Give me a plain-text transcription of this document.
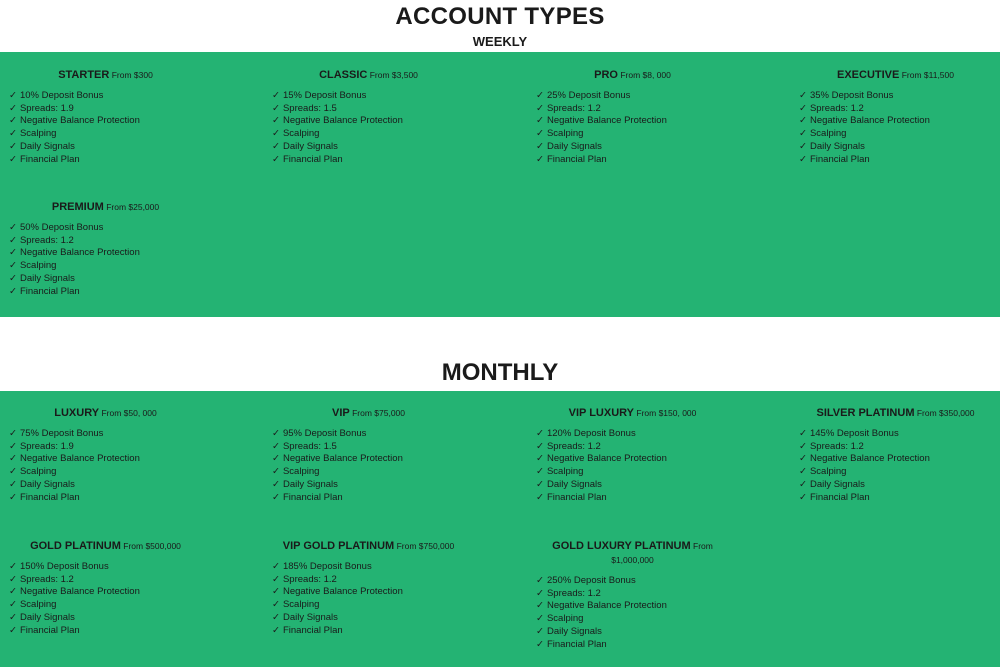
ACCOUNT TYPES
WEEKLY
STARTER From $300
✓ 10% Deposit Bonus
✓ Spreads: 1.9
✓ Negative Balance Protection
✓ Scalping
✓ Daily Signals
✓ Financial Plan
CLASSIC From $3,500
✓ 15% Deposit Bonus
✓ Spreads: 1.5
✓ Negative Balance Protection
✓ Scalping
✓ Daily Signals
✓ Financial Plan
PRO From $8, 000
✓ 25% Deposit Bonus
✓ Spreads: 1.2
✓ Negative Balance Protection
✓ Scalping
✓ Daily Signals
✓ Financial Plan
EXECUTIVE From $11,500
✓ 35% Deposit Bonus
✓ Spreads: 1.2
✓ Negative Balance Protection
✓ Scalping
✓ Daily Signals
✓ Financial Plan
PREMIUM From $25,000
✓ 50% Deposit Bonus
✓ Spreads: 1.2
✓ Negative Balance Protection
✓ Scalping
✓ Daily Signals
✓ Financial Plan
MONTHLY
LUXURY From $50, 000
✓ 75% Deposit Bonus
✓ Spreads: 1.9
✓ Negative Balance Protection
✓ Scalping
✓ Daily Signals
✓ Financial Plan
VIP From $75,000
✓ 95% Deposit Bonus
✓ Spreads: 1.5
✓ Negative Balance Protection
✓ Scalping
✓ Daily Signals
✓ Financial Plan
VIP LUXURY From $150, 000
✓ 120% Deposit Bonus
✓ Spreads: 1.2
✓ Negative Balance Protection
✓ Scalping
✓ Daily Signals
✓ Financial Plan
SILVER PLATINUM From $350,000
✓ 145% Deposit Bonus
✓ Spreads: 1.2
✓ Negative Balance Protection
✓ Scalping
✓ Daily Signals
✓ Financial Plan
GOLD PLATINUM From $500,000
✓ 150% Deposit Bonus
✓ Spreads: 1.2
✓ Negative Balance Protection
✓ Scalping
✓ Daily Signals
✓ Financial Plan
VIP GOLD PLATINUM From $750,000
✓ 185% Deposit Bonus
✓ Spreads: 1.2
✓ Negative Balance Protection
✓ Scalping
✓ Daily Signals
✓ Financial Plan
GOLD LUXURY PLATINUM From $1,000,000
✓ 250% Deposit Bonus
✓ Spreads: 1.2
✓ Negative Balance Protection
✓ Scalping
✓ Daily Signals
✓ Financial Plan
